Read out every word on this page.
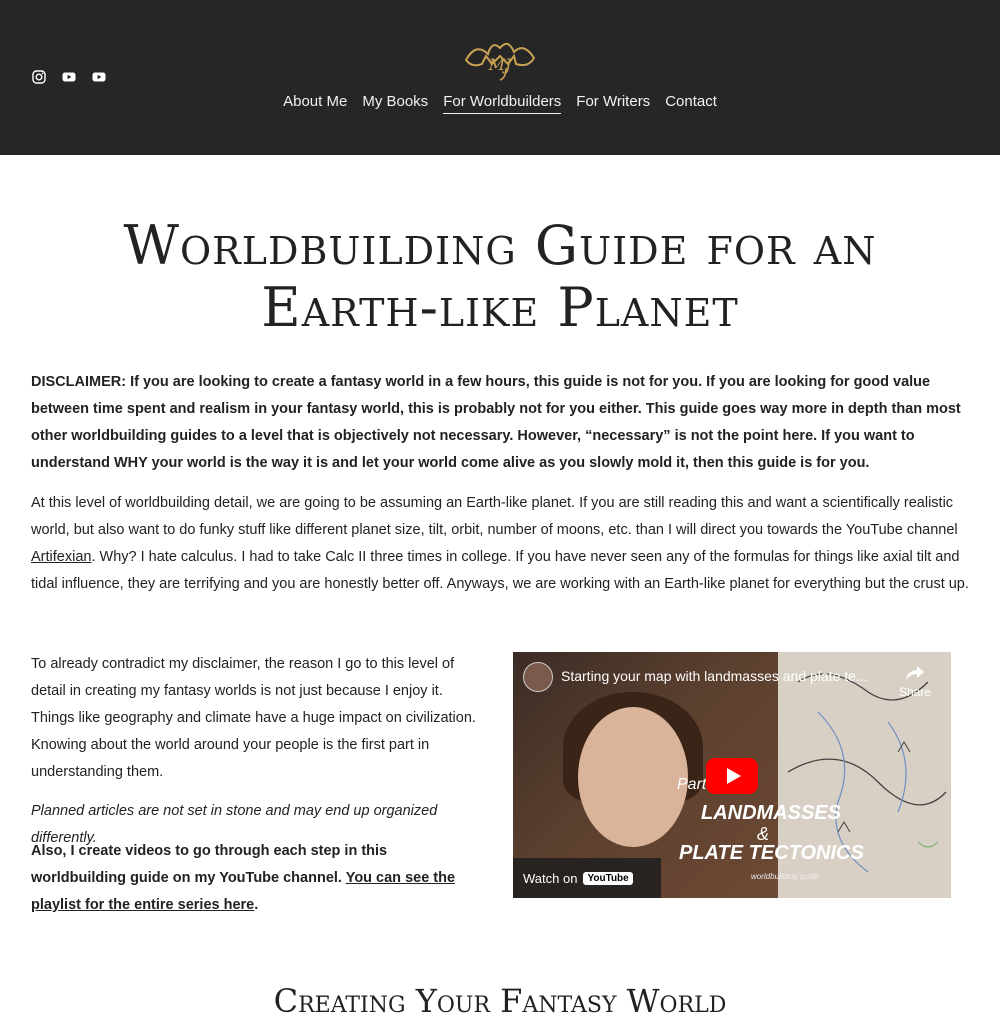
MJ
About Me My Books For Worldbuilders For Writers Contact
Worldbuilding Guide for an
Earth-like Planet

DISCLAIMER: If you are looking to create a fantasy world in a few hours, this guide is not for you. If you are looking for good value between time spent and realism in your fantasy world, this is probably not for you either. This guide goes way more in depth than most other worldbuilding guides to a level that is objectively not necessary. However, “necessary” is not the point here. If you want to understand WHY your world is the way it is and let your world come alive as you slowly mold it, then this guide is for you.

At this level of worldbuilding detail, we are going to be assuming an Earth-like planet. If you are still reading this and want a scientifically realistic world, but also want to do funky stuff like different planet size, tilt, orbit, number of moons, etc. than I will direct you towards the YouTube channel Artifexian. Why? I hate calculus. I had to take Calc II three times in college. If you have never seen any of the formulas for things like axial tilt and tidal influence, they are terrifying and you are honestly better off. Anyways, we are working with an Earth-like planet for everything but the crust up.

To already contradict my disclaimer, the reason I go to this level of detail in creating my fantasy worlds is not just because I enjoy it. Things like geography and climate have a huge impact on civilization. Knowing about the world around your people is the first part in understanding them.

Planned articles are not set in stone and may end up organized differently.

Also, I create videos to go through each step in this worldbuilding guide on my YouTube channel. You can see the playlist for the entire series here.

Starting your map with landmasses and plate te...
Share
Part
LANDMASSES
&
PLATE TECTONICS
worldbuilding guide
Watch on	YouTube
Creating Your Fantasy World
